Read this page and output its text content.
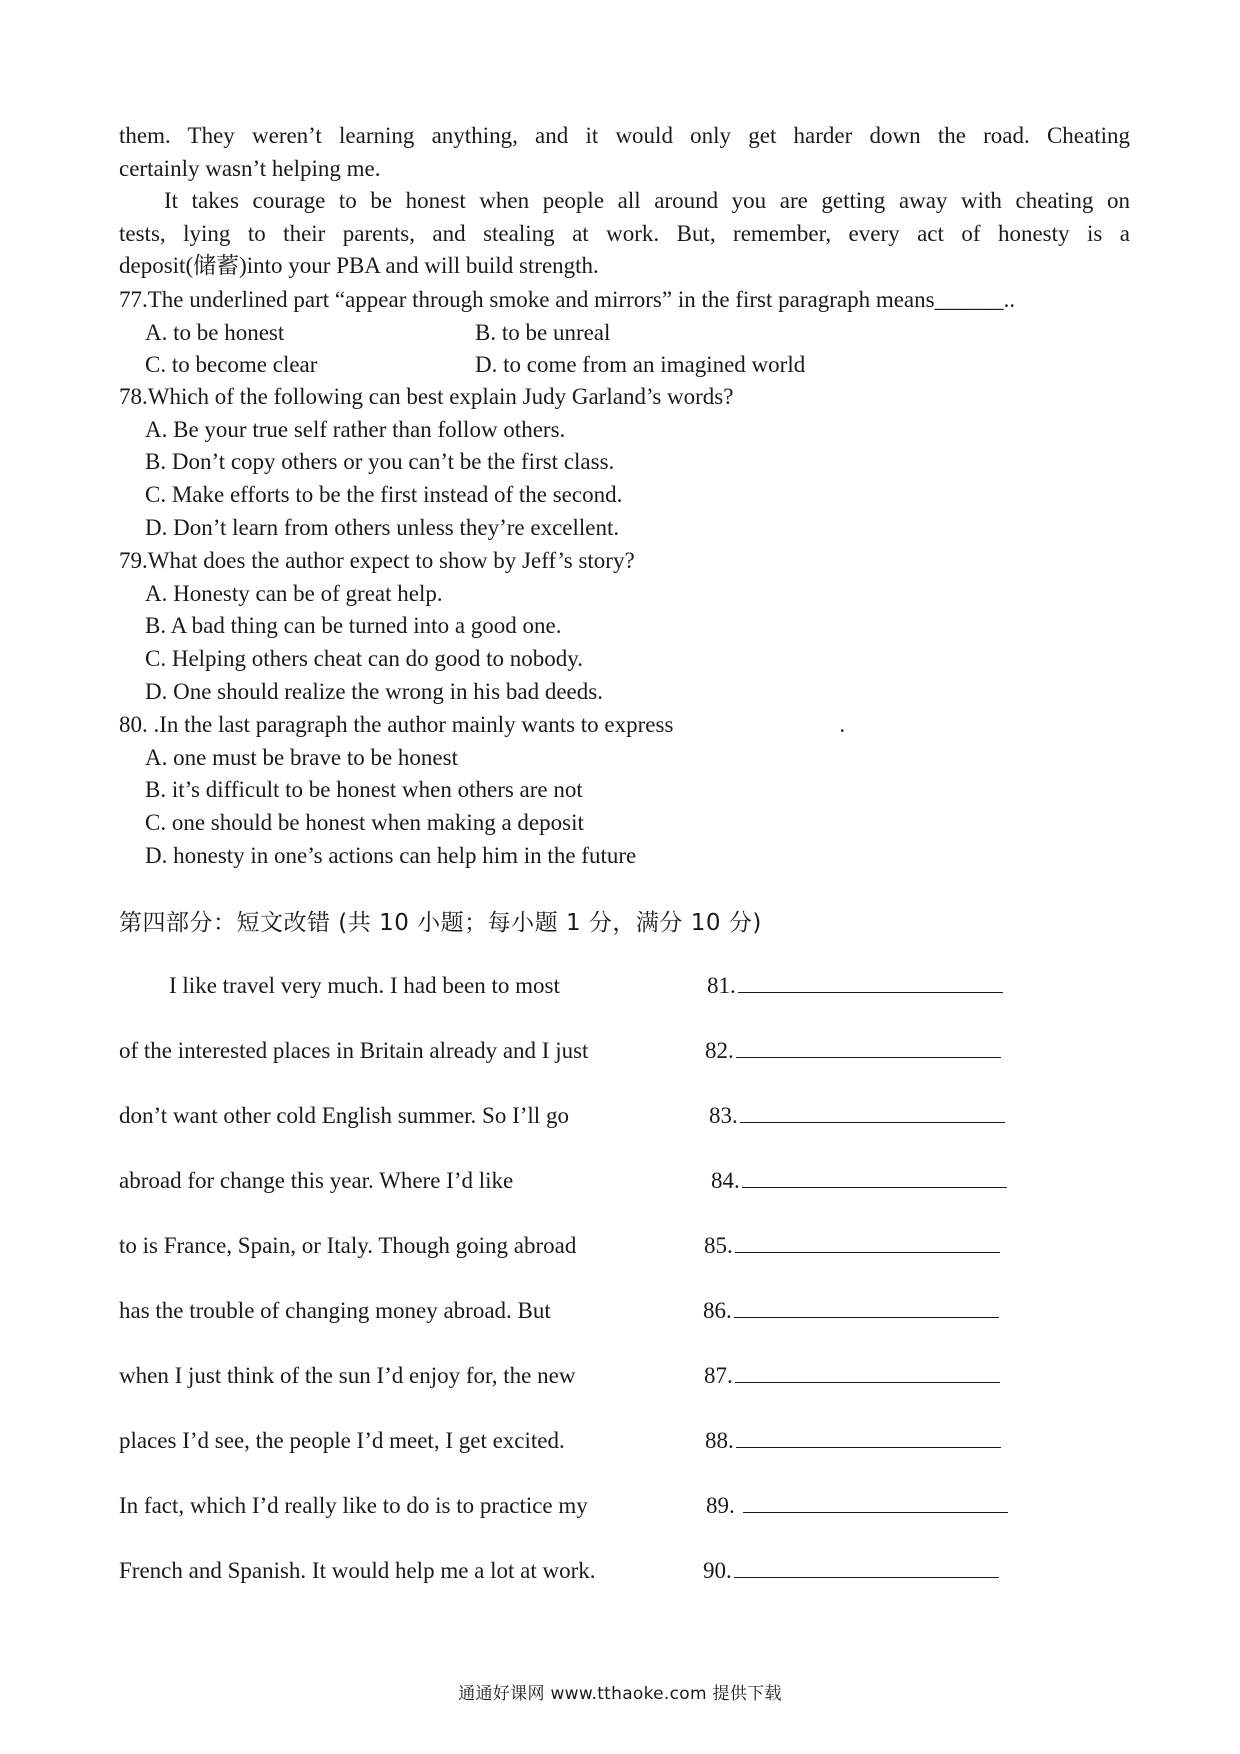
them. They weren’t learning anything, and it would only get harder down the road. Cheating
certainly wasn’t helping me.
It takes courage to be honest when people all around you are getting away with cheating on
tests, lying to their parents, and stealing at work. But, remember, every act of honesty is a
deposit(储蓄)into your PBA and will build strength.
77.The underlined part “appear through smoke and mirrors” in the first paragraph means______..
A. to be honest	B. to be unreal
C. to become clear	D. to come from an imagined world
78.Which of the following can best explain Judy Garland’s words?
A. Be your true self rather than follow others.
B. Don’t copy others or you can’t be the first class.
C. Make efforts to be the first instead of the second.
D. Don’t learn from others unless they’re excellent.
79.What does the author expect to show by Jeff’s story?
A. Honesty can be of great help.
B. A bad thing can be turned into a good one.
C. Helping others cheat can do good to nobody.
D. One should realize the wrong in his bad deeds.
80. .In the last paragraph the author mainly wants to express	.
A. one must be brave to be honest
B. it’s difficult to be honest when others are not
C. one should be honest when making a deposit
D. honesty in one’s actions can help him in the future
第四部分：短文改错 (共 10 小题；每小题 1 分，满分 10 分)
I like travel very much. I had been to most	81.
of the interested places in Britain already and I just	82.
don’t want other cold English summer. So I’ll go	83.
abroad for change this year. Where I’d like	84.
to is France, Spain, or Italy. Though going abroad	85.
has the trouble of changing money abroad. But	86.
when I just think of the sun I’d enjoy for, the new	87.
places I’d see, the people I’d meet, I get excited.	88.
In fact, which I’d really like to do is to practice my	89.
French and Spanish. It would help me a lot at work.	90.
通通好课网 www.tthaoke.com 提供下载
